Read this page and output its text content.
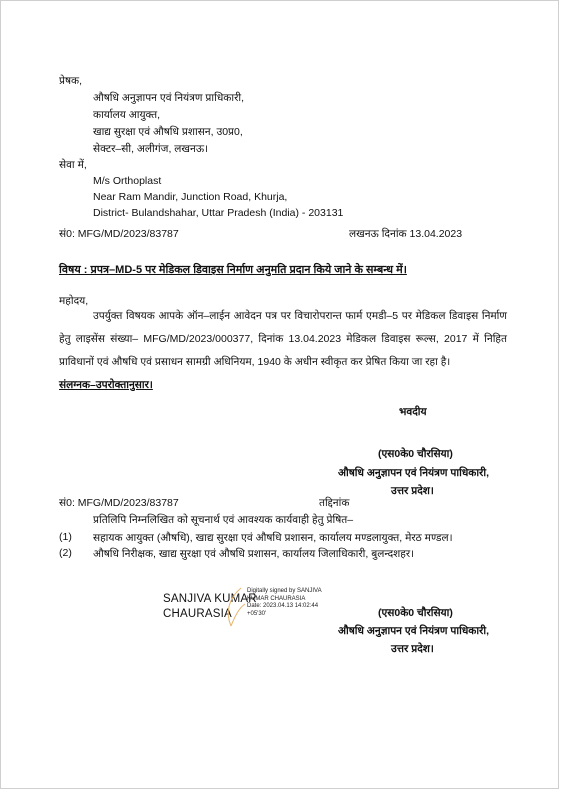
प्रेषक,
औषधि अनुज्ञापन एवं नियंत्रण प्राधिकारी,
कार्यालय आयुक्त,
खाद्य सुरक्षा एवं औषधि प्रशासन, उ0प्र0,
सेक्टर–सी, अलीगंज, लखनऊ।
सेवा में,
M/s Orthoplast
Near Ram Mandir, Junction Road, Khurja,
District- Bulandshahar, Uttar Pradesh (India) - 203131
सं0: MFG/MD/2023/83787	लखनऊ दिनांक 13.04.2023
विषय : प्रपत्र–MD-5 पर मेडिकल डिवाइस निर्माण अनुमति प्रदान किये जाने के सम्बन्ध में।
महोदय,
उपर्युक्त विषयक आपके ऑन–लाईन आवेदन पत्र पर विचारोपरान्त फार्म एमडी–5 पर मेडिकल डिवाइस निर्माण हेतु लाइसेंस संख्या– MFG/MD/2023/000377, दिनांक 13.04.2023 मेडिकल डिवाइस रूल्स, 2017 में निहित प्राविधानों एवं औषधि एवं प्रसाधन सामग्री अधिनियम, 1940 के अधीन स्वीकृत कर प्रेषित किया जा रहा है।
संलग्नक–उपरोक्तानुसार।
भवदीय
(एस0के0 चौरसिया)
औषधि अनुज्ञापन एवं नियंत्रण पाधिकारी,
उत्तर प्रदेश।
सं0: MFG/MD/2023/83787	तद्दिनांक
प्रतिलिपि निम्नलिखित को सूचनार्थ एवं आवश्यक कार्यवाही हेतु प्रेषित–
(1) सहायक आयुक्त (औषधि), खाद्य सुरक्षा एवं औषधि प्रशासन, कार्यालय मण्डलायुक्त, मेरठ मण्डल।
(2) औषधि निरीक्षक, खाद्य सुरक्षा एवं औषधि प्रशासन, कार्यालय जिलाधिकारी, बुलन्दशहर।
SANJIVA KUMAR
CHAURASIA
Digitally signed by SANJIVA
KUMAR CHAURASIA
Date: 2023.04.13 14:02:44
+05'30'	(एस0के0 चौरसिया)
औषधि अनुज्ञापन एवं नियंत्रण पाधिकारी,
उत्तर प्रदेश।
